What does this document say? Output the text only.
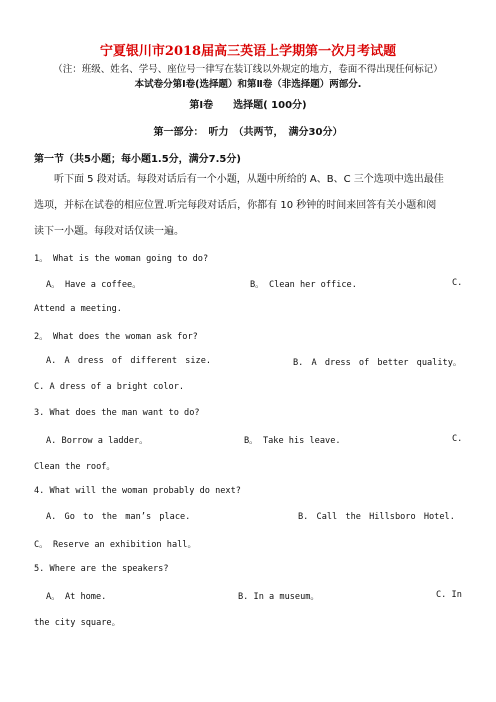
宁夏银川市2018届高三英语上学期第一次月考试题
（注：班级、姓名、学号、座位号一律写在装订线以外规定的地方，卷面不得出现任何标记）
本试卷分第Ⅰ卷(选择题）和第Ⅱ卷（非选择题）两部分.
第Ⅰ卷　　选择题( 100分)
第一部分：　听力　（共两节，　满分30分）
第一节（共5小题；每小题1.5分，满分7.5分)
听下面 5 段对话。每段对话后有一个小题，从题中所给的 A、B、C 三个选项中选出最佳
选项，并标在试卷的相应位置.听完每段对话后，你都有 10 秒钟的时间来回答有关小题和阅
读下一小题。每段对话仅读一遍。
1。 What is the woman going to do?
A。 Have a coffee。	B。 Clean her office.	C.
Attend a meeting.
2。 What does the woman ask for?
A. A dress of different size.	B. A dress of better quality。
C. A dress of a bright color.
3. What does the man want to do?
A. Borrow a ladder。	B。 Take his leave.	C.
Clean the roof。
4. What will the woman probably do next?
A. Go to the man’s place.	B. Call the Hillsboro Hotel.
C。 Reserve an exhibition hall。
5. Where are the speakers?
A。 At home.	B. In a museum。	C. In
the city square。
